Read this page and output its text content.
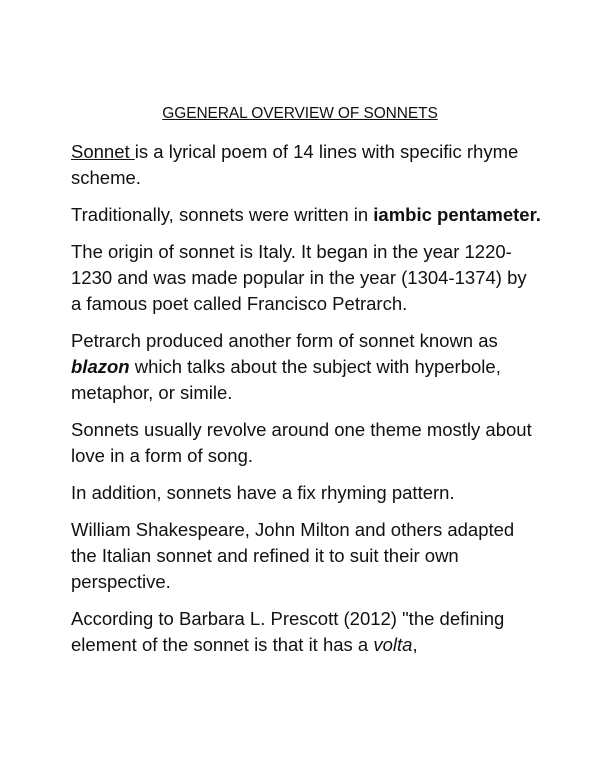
GGENERAL OVERVIEW OF SONNETS

Sonnet is a lyrical poem of 14 lines with specific rhyme scheme.

Traditionally, sonnets were written in iambic pentameter.

The origin of sonnet is Italy. It began in the year 1220-1230 and was made popular in the year (1304-1374) by a famous poet called Francisco Petrarch.

Petrarch produced another form of sonnet known as blazon which talks about the subject with hyperbole, metaphor, or simile.

Sonnets usually revolve around one theme mostly about love in a form of song.

In addition, sonnets have a fix rhyming pattern.

William Shakespeare, John Milton and others adapted the Italian sonnet and refined it to suit their own perspective.

According to Barbara L. Prescott (2012) "the defining element of the sonnet is that it has a volta,
